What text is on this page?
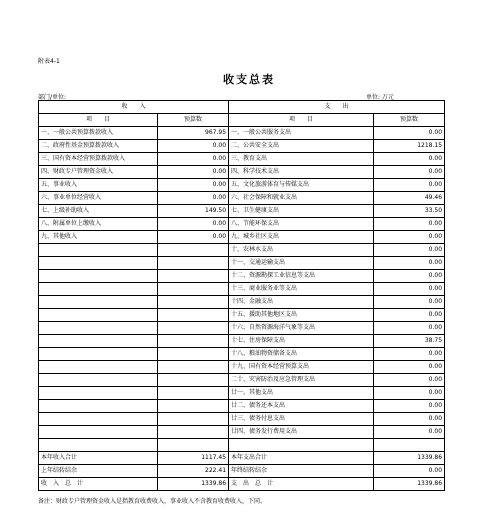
附表4-1
收支总表
部门/单位:	单位: 万元
收　　入		支　　出	
项　　目	预算数	项　　目	预算数
一、一般公共预算拨款收入	967.95	一、一般公共服务支出	0.00
二、政府性基金预算拨款收入	0.00	二、公共安全支出	1218.15
三、国有资本经营预算拨款收入	0.00	三、教育支出	0.00
四、财政专户管理资金收入	0.00	四、科学技术支出	0.00
五、事业收入	0.00	五、文化旅游体育与传媒支出	0.00
六、事业单位经营收入	0.00	六、社会保障和就业支出	49.46
七、上级补助收入	149.50	七、卫生健康支出	33.50
八、附属单位上缴收入	0.00	八、节能环保支出	0.00
九、其他收入	0.00	九、城乡社区支出	0.00
		十、农林水支出	0.00
		十一、交通运输支出	0.00
		十二、资源勘探工业信息等支出	0.00
		十三、商业服务业等支出	0.00
		十四、金融支出	0.00
		十五、援助其他地区支出	0.00
		十六、自然资源海洋气象等支出	0.00
		十七、住房保障支出	38.75
		十八、粮油物资储备支出	0.00
		十九、国有资本经营预算支出	0.00
		二十、灾害防治及应急管理支出	0.00
		廿一、其他支出	0.00
		廿二、债务还本支出	0.00
		廿三、债务付息支出	0.00
		廿四、债务发行费用支出	0.00

本年收入合计	1117.45	本年支出合计	1339.86
上年结转结余	222.41	年终结转结余	0.00
收　入　总　计	1339.86	支　出　总　计	1339.86
备注：财政专户管理资金收入是指教育收费收入，事业收入不含教育收费收入，下同。
